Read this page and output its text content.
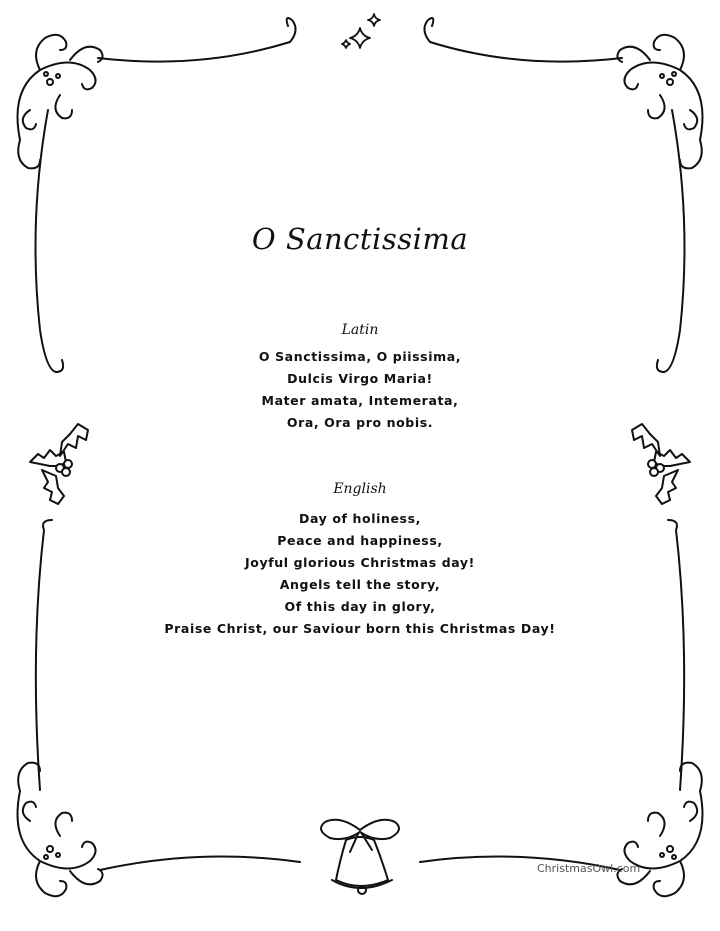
O Sanctissima
Latin
O Sanctissima, O piissima,
Dulcis Virgo Maria!
Mater amata, Intemerata,
Ora, Ora pro nobis.
English
Day of holiness,
Peace and happiness,
Joyful glorious Christmas day!
Angels tell the story,
Of this day in glory,
Praise Christ, our Saviour born this Christmas Day!
ChristmasOwl.com
